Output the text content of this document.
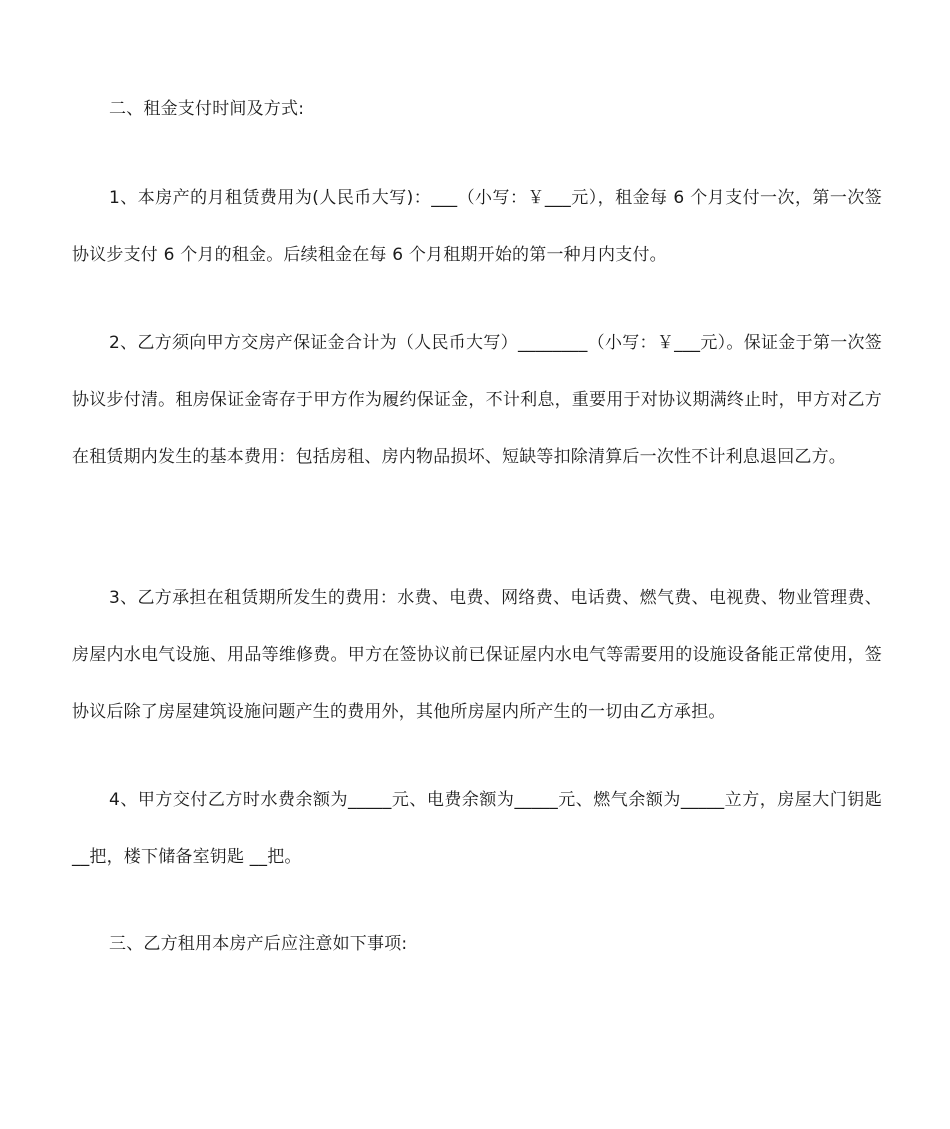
二、租金支付时间及方式:

1、本房产的月租赁费用为(人民币大写)：___（小写：￥___元），租金每 6 个月支付一次，第一次签协议步支付 6 个月的租金。后续租金在每 6 个月租期开始的第一种月内支付。

2、乙方须向甲方交房产保证金合计为（人民币大写）________（小写：￥___元）。保证金于第一次签协议步付清。租房保证金寄存于甲方作为履约保证金，不计利息，重要用于对协议期满终止时，甲方对乙方在租赁期内发生的基本费用：包括房租、房内物品损坏、短缺等扣除清算后一次性不计利息退回乙方。

3、乙方承担在租赁期所发生的费用：水费、电费、网络费、电话费、燃气费、电视费、物业管理费、房屋内水电气设施、用品等维修费。甲方在签协议前已保证屋内水电气等需要用的设施设备能正常使用，签协议后除了房屋建筑设施问题产生的费用外，其他所房屋内所产生的一切由乙方承担。

4、甲方交付乙方时水费余额为_____元、电费余额为_____元、燃气余额为_____立方，房屋大门钥匙__把，楼下储备室钥匙 __把。

三、乙方租用本房产后应注意如下事项:
